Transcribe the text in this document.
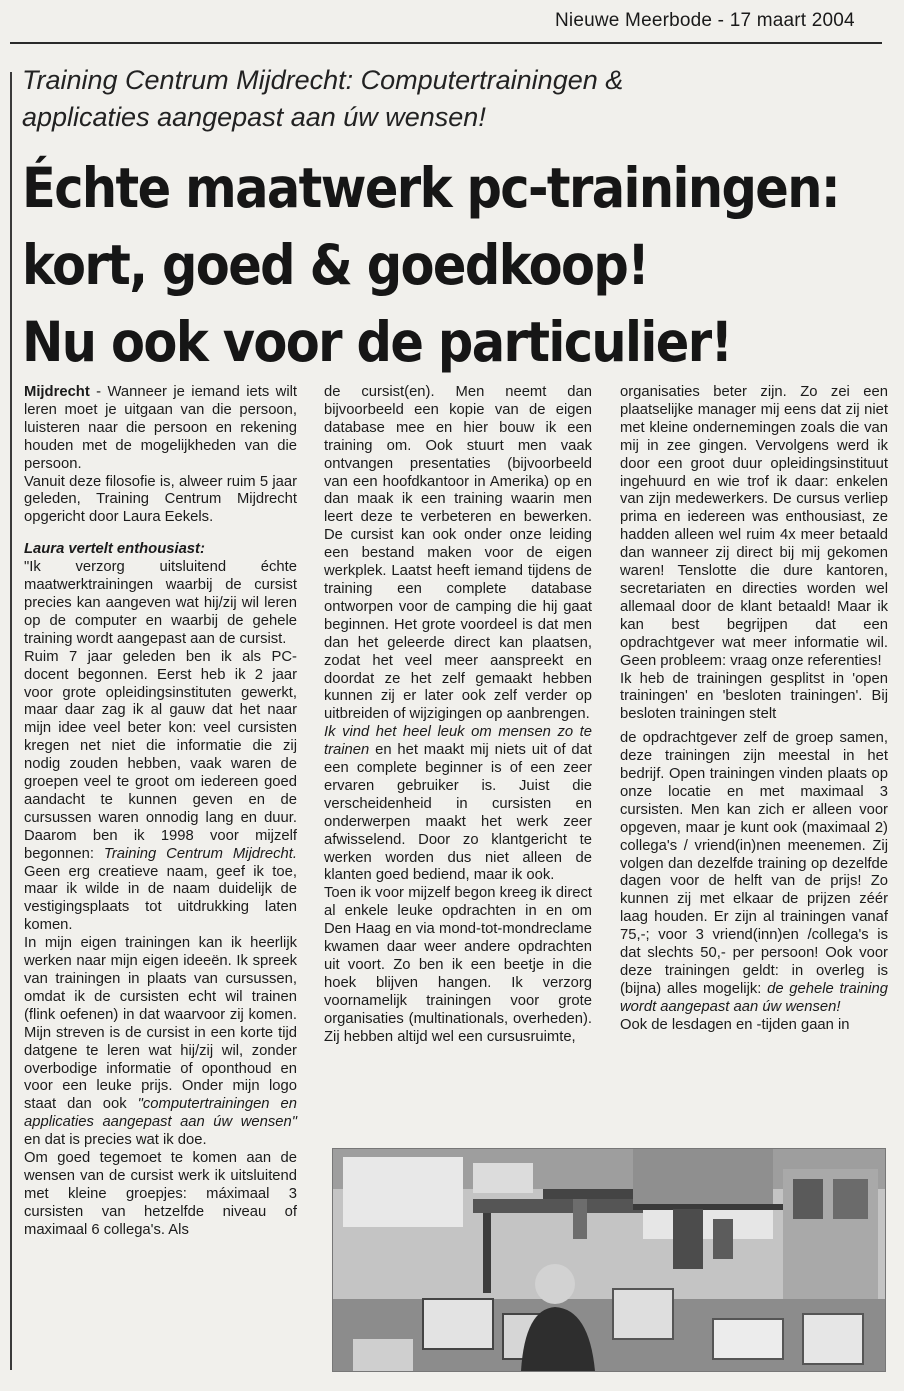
Nieuwe Meerbode - 17 maart 2004
Training Centrum Mijdrecht: Computertrainingen &
applicaties aangepast aan úw wensen!
Échte maatwerk pc-trainingen:
kort, goed & goedkoop!
Nu ook voor de particulier!

Mijdrecht - Wanneer je iemand iets wilt leren moet je uitgaan van die persoon, luisteren naar die persoon en rekening houden met de mogelijkheden van die persoon.

Vanuit deze filosofie is, alweer ruim 5 jaar geleden, Training Centrum Mijdrecht opgericht door Laura Eekels.

Laura vertelt enthousiast:

"Ik verzorg uitsluitend échte maatwerktrainingen waarbij de cursist precies kan aangeven wat hij/zij wil leren op de computer en waarbij de gehele training wordt aangepast aan de cursist.

Ruim 7 jaar geleden ben ik als PC-docent begonnen. Eerst heb ik 2 jaar voor grote opleidingsinstituten gewerkt, maar daar zag ik al gauw dat het naar mijn idee veel beter kon: veel cursisten kregen net niet die informatie die zij nodig zouden hebben, vaak waren de groepen veel te groot om iedereen goed aandacht te kunnen geven en de cursussen waren onnodig lang en duur. Daarom ben ik 1998 voor mijzelf begonnen: Training Centrum Mijdrecht. Geen erg creatieve naam, geef ik toe, maar ik wilde in de naam duidelijk de vestigingsplaats tot uitdrukking laten komen.

In mijn eigen trainingen kan ik heerlijk werken naar mijn eigen ideeën. Ik spreek van trainingen in plaats van cursussen, omdat ik de cursisten echt wil trainen (flink oefenen) in dat waarvoor zij komen. Mijn streven is de cursist in een korte tijd datgene te leren wat hij/zij wil, zonder overbodige informatie of oponthoud en voor een leuke prijs. Onder mijn logo staat dan ook "computertrainingen en applicaties aangepast aan úw wensen" en dat is precies wat ik doe.

Om goed tegemoet te komen aan de wensen van de cursist werk ik uitsluitend met kleine groepjes: máximaal 3 cursisten van hetzelfde niveau of maximaal 6 collega's. Als

de cursist(en). Men neemt dan bijvoorbeeld een kopie van de eigen database mee en hier bouw ik een training om. Ook stuurt men vaak ontvangen presentaties (bijvoorbeeld van een hoofdkantoor in Amerika) op en dan maak ik een training waarin men leert deze te verbeteren en bewerken. De cursist kan ook onder onze leiding een bestand maken voor de eigen werkplek. Laatst heeft iemand tijdens de training een complete database ontworpen voor de camping die hij gaat beginnen. Het grote voordeel is dat men dan het geleerde direct kan plaatsen, zodat het veel meer aanspreekt en doordat ze het zelf gemaakt hebben kunnen zij er later ook zelf verder op uitbreiden of wijzigingen op aanbrengen.

Ik vind het heel leuk om mensen zo te trainen en het maakt mij niets uit of dat een complete beginner is of een zeer ervaren gebruiker is. Juist die verscheidenheid in cursisten en onderwerpen maakt het werk zeer afwisselend. Door zo klantgericht te werken worden dus niet alleen de klanten goed bediend, maar ik ook.

Toen ik voor mijzelf begon kreeg ik direct al enkele leuke opdrachten in en om Den Haag en via mond-tot-mondreclame kwamen daar weer andere opdrachten uit voort. Zo ben ik een beetje in die hoek blijven hangen. Ik verzorg voornamelijk trainingen voor grote organisaties (multinationals, overheden). Zij hebben altijd wel een cursusruimte,

organisaties beter zijn. Zo zei een plaatselijke manager mij eens dat zij niet met kleine ondernemingen zoals die van mij in zee gingen. Vervolgens werd ik door een groot duur opleidingsinstituut ingehuurd en wie trof ik daar: enkelen van zijn medewerkers. De cursus verliep prima en iedereen was enthousiast, ze hadden alleen wel ruim 4x meer betaald dan wanneer zij direct bij mij gekomen waren! Tenslotte die dure kantoren, secretariaten en directies worden wel allemaal door de klant betaald! Maar ik kan best begrijpen dat een opdrachtgever wat meer informatie wil. Geen probleem: vraag onze referenties!

Ik heb de trainingen gesplitst in 'open trainingen' en 'besloten trainingen'. Bij besloten trainingen stelt

de opdrachtgever zelf de groep samen, deze trainingen zijn meestal in het bedrijf. Open trainingen vinden plaats op onze locatie en met maximaal 3 cursisten. Men kan zich er alleen voor opgeven, maar je kunt ook (maximaal 2) collega's / vriend(in)nen meenemen. Zij volgen dan dezelfde training op dezelfde dagen voor de helft van de prijs! Zo kunnen zij met elkaar de prijzen zéér laag houden. Er zijn al trainingen vanaf 75,-; voor 3 vriend(inn)en /collega's is dat slechts 50,- per persoon! Ook voor deze trainingen geldt: in overleg is (bijna) alles mogelijk: de gehele training wordt aangepast aan úw wensen!

Ook de lesdagen en -tijden gaan in
